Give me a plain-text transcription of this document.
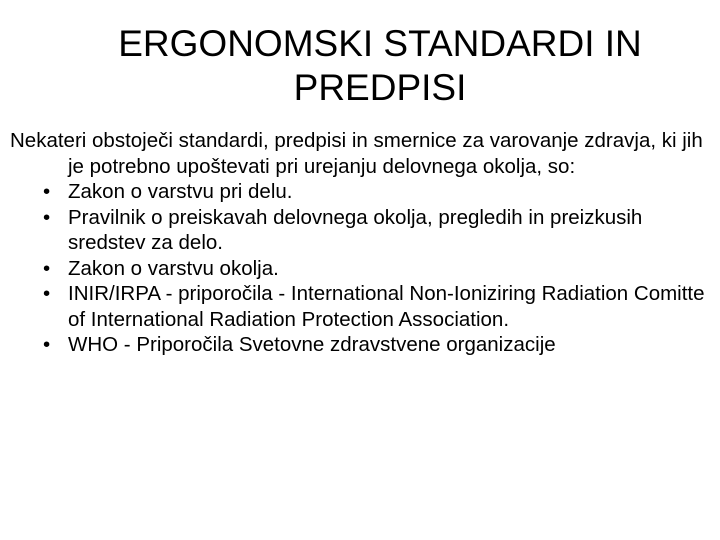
ERGONOMSKI STANDARDI IN
PREDPISI

Nekateri obstoječi standardi, predpisi in smernice za varovanje zdravja, ki jih je potrebno upoštevati pri urejanju delovnega okolja, so:

• Zakon o varstvu pri delu.
• Pravilnik o preiskavah delovnega okolja, pregledih in preizkusih sredstev za delo.
• Zakon o varstvu okolja.
• INIR/IRPA - priporočila - International Non-Ioniziring Radiation Comitte of International Radiation Protection Association.
• WHO - Priporočila Svetovne zdravstvene organizacije
